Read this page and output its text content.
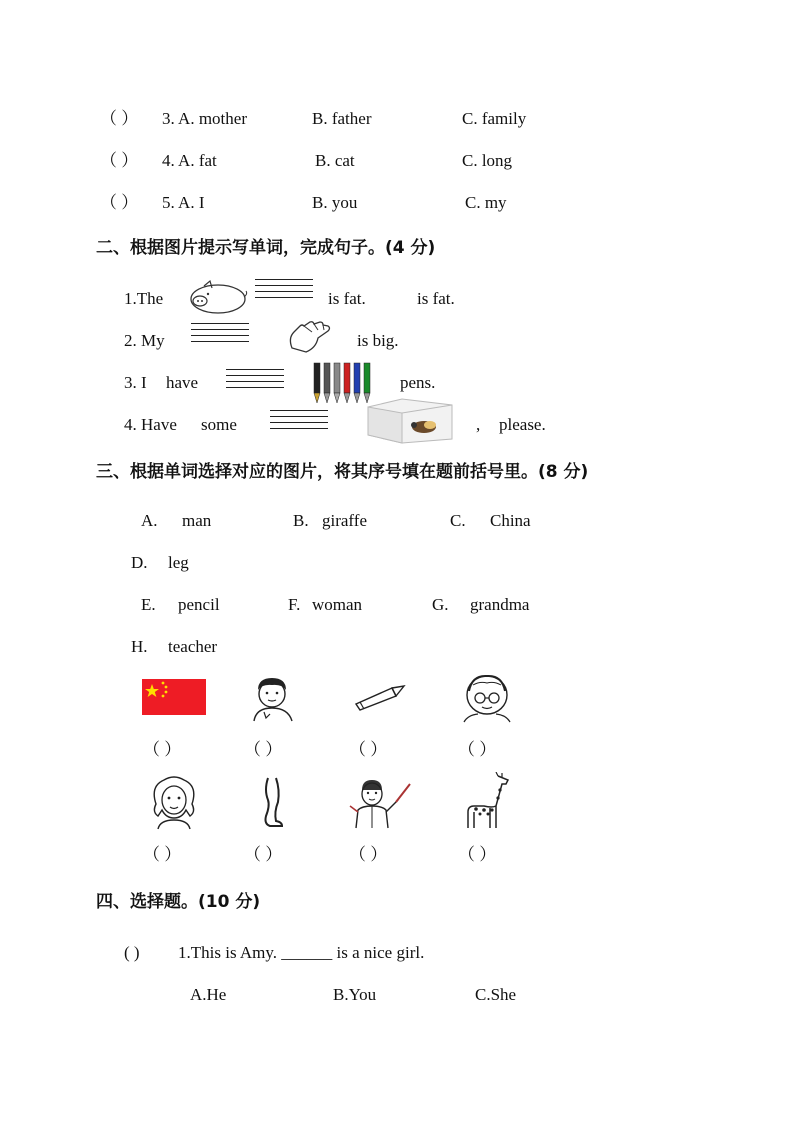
（ ） 3. A. mother	B. father	C. family
（ ） 4. A. fat	B. cat	C. long
（ ） 5. A. I	B. you	C. my
二、根据图片提示写单词，完成句子。(4 分)
1.The	is fat.	is fat.
2. My	is big.
3. I have	pens.
4. Have some	, please.
三、根据单词选择对应的图片，将其序号填在题前括号里。(8 分)
A. man	B. giraffe	C. China
D. leg
E. pencil	F. woman	G. grandma
H. teacher
（ ）	（ ）	（ ）	（ ）
（ ）	（ ）	（ ）	（ ）
四、选择题。(10 分)
( ) 1.This is Amy. ______ is a nice girl.
A.He	B.You	C.She
